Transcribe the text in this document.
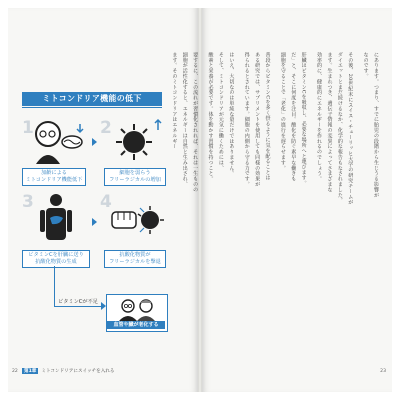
ミトコンドリア機能の低下
1
加齢による
ミトコンドリア機能低下
2
細胞を弱らう
フリーラジカルの増加
3
ビタミンCを肝臓に送り
抗酸化物質の生成
4
抗酸化物質が
フリーラジカルを撃退
ビタミンCが不足
血管や臓が老化する
第1章 ミトコンドリアにスイッチを入れる
22
にあります。つまり、すでに胎児の段階から生じうる影響が
なのです。
その後、20世紀末にスイス・チューリッヒ大学の研究チームが
ダイエットとまだ続けるなか、化学的な報告もなされました。
ます。生まれつき、遺伝子情報の変異によってさまざまな
効率的に、健康的にエネルギーを作れるのでしょう。
肝臓はビタミンCを吸収し、必要な場所へと運びます。
だ」と、そこに何度を注目。酸化を防ぐ素早な働きも
細胞を守ることで「老化」の進行を遅らせます。
普段からビタミンCを多く摂るように気を配ることは
ある研究では、サプリメントを使用しても同様の効果が
得られるとされています。細胞の内側から守る力です。
はいえ、大切なのは単純な量だけではありません。
そして、ミトコンドリアが元気に働くためには、
酸素と栄養が必要です。体を動かす習慣を持つこと。
要するに、この流れが習慣化されれば、それは一生ものの
細胞が活性化すると、エネルギーは自然と生み出され、
ます。そのミトコンドリアはエネルギー
23
